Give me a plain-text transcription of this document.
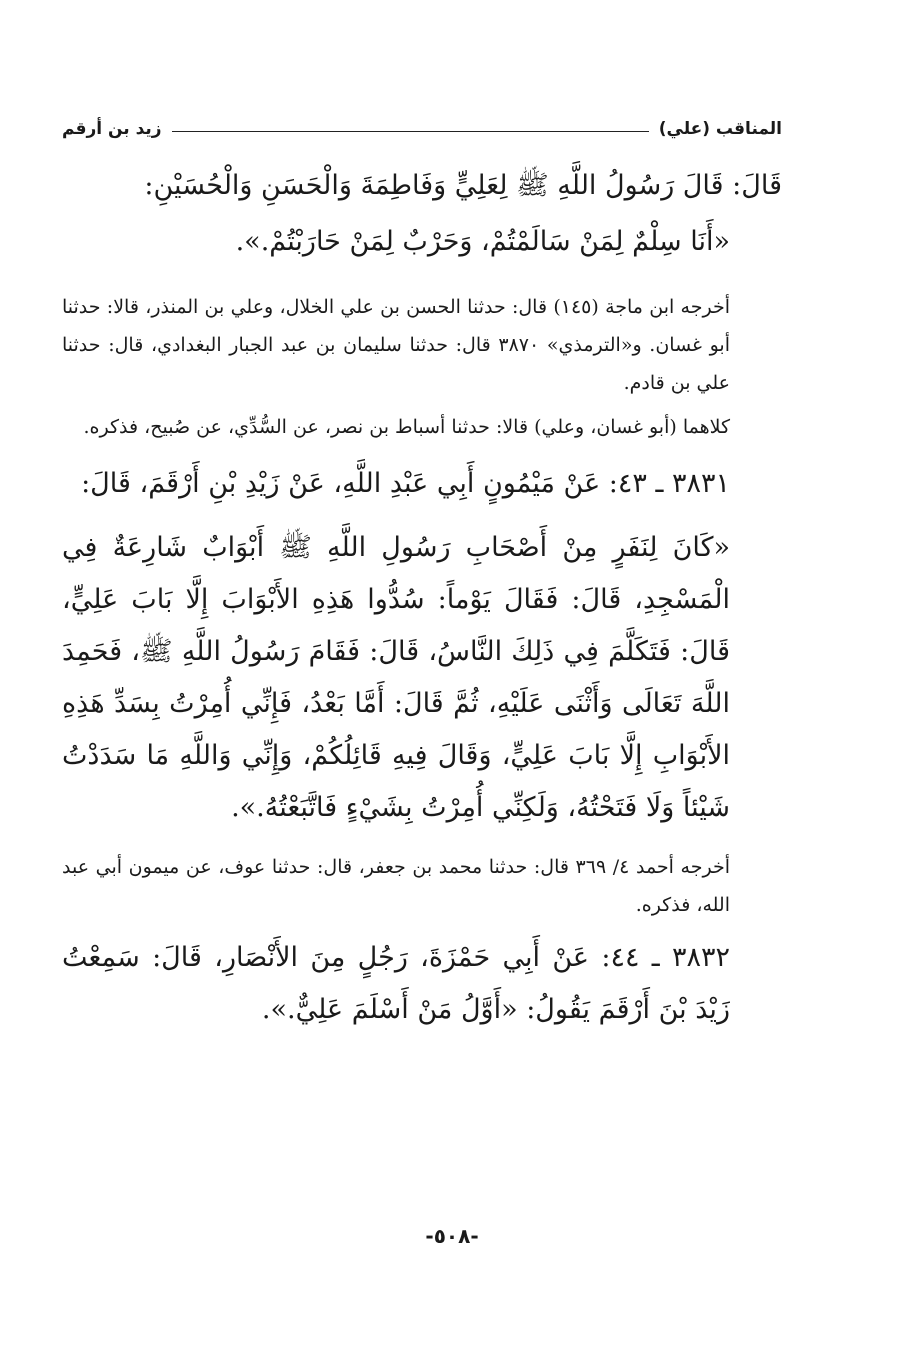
المناقب (علي)
زيد بن أرقم

قَالَ: قَالَ رَسُولُ اللَّهِ ﷺ لِعَلِيٍّ وَفَاطِمَةَ وَالْحَسَنِ وَالْحُسَيْنِ:

«أَنَا سِلْمٌ لِمَنْ سَالَمْتُمْ، وَحَرْبٌ لِمَنْ حَارَبْتُمْ.».

أخرجه ابن ماجة (١٤٥) قال: حدثنا الحسن بن علي الخلال، وعلي بن المنذر، قالا: حدثنا أبو غسان. و«الترمذي» ٣٨٧٠ قال: حدثنا سليمان بن عبد الجبار البغدادي، قال: حدثنا علي بن قادم.

كلاهما (أبو غسان، وعلي) قالا: حدثنا أسباط بن نصر، عن السُّدِّي، عن صُبيح، فذكره.

٣٨٣١ ـ ٤٣: عَنْ مَيْمُونٍ أَبِي عَبْدِ اللَّهِ، عَنْ زَيْدِ بْنِ أَرْقَمَ، قَالَ:

«كَانَ لِنَفَرٍ مِنْ أَصْحَابِ رَسُولِ اللَّهِ ﷺ أَبْوَابٌ شَارِعَةٌ فِي الْمَسْجِدِ، قَالَ: فَقَالَ يَوْماً: سُدُّوا هَذِهِ الأَبْوَابَ إِلَّا بَابَ عَلِيٍّ، قَالَ: فَتَكَلَّمَ فِي ذَلِكَ النَّاسُ، قَالَ: فَقَامَ رَسُولُ اللَّهِ ﷺ، فَحَمِدَ اللَّهَ تَعَالَى وَأَثْنَى عَلَيْهِ، ثُمَّ قَالَ: أَمَّا بَعْدُ، فَإِنِّي أُمِرْتُ بِسَدِّ هَذِهِ الأَبْوَابِ إِلَّا بَابَ عَلِيٍّ، وَقَالَ فِيهِ قَائِلُكُمْ، وَإِنِّي وَاللَّهِ مَا سَدَدْتُ شَيْئاً وَلَا فَتَحْتُهُ، وَلَكِنِّي أُمِرْتُ بِشَيْءٍ فَاتَّبَعْتُهُ.».

أخرجه أحمد ٤/ ٣٦٩ قال: حدثنا محمد بن جعفر، قال: حدثنا عوف، عن ميمون أبي عبد الله، فذكره.

٣٨٣٢ ـ ٤٤: عَنْ أَبِي حَمْزَةَ، رَجُلٍ مِنَ الأَنْصَارِ، قَالَ: سَمِعْتُ زَيْدَ بْنَ أَرْقَمَ يَقُولُ: «أَوَّلُ مَنْ أَسْلَمَ عَلِيٌّ.».

-٥٠٨-
